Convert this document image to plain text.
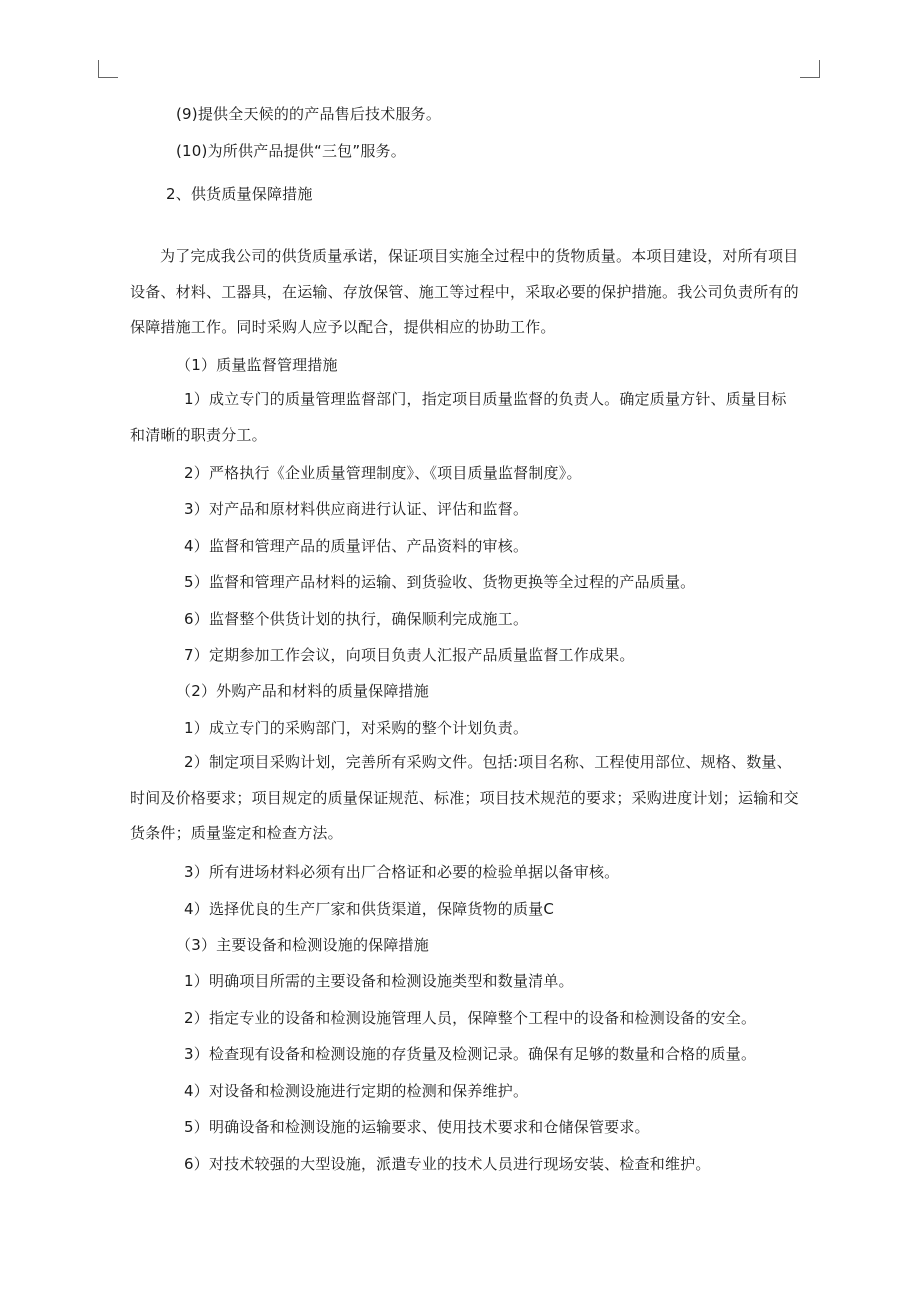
(9)提供全天候的的产品售后技术服务。
(10)为所供产品提供“三包”服务。
2、供货质量保障措施
为了完成我公司的供货质量承诺，保证项目实施全过程中的货物质量。本项目建设，对所有项目设备、材料、工器具，在运输、存放保管、施工等过程中，采取必要的保护措施。我公司负责所有的保障措施工作。同时采购人应予以配合，提供相应的协助工作。
（1）质量监督管理措施
1）成立专门的质量管理监督部门，指定项目质量监督的负责人。确定质量方针、质量目标和清晰的职责分工。
2）严格执行《企业质量管理制度》、《项目质量监督制度》。
3）对产品和原材料供应商进行认证、评估和监督。
4）监督和管理产品的质量评估、产品资料的审核。
5）监督和管理产品材料的运输、到货验收、货物更换等全过程的产品质量。
6）监督整个供货计划的执行，确保顺利完成施工。
7）定期参加工作会议，向项目负责人汇报产品质量监督工作成果。
（2）外购产品和材料的质量保障措施
1）成立专门的采购部门，对采购的整个计划负责。
2）制定项目采购计划，完善所有采购文件。包括:项目名称、工程使用部位、规格、数量、时间及价格要求；项目规定的质量保证规范、标准；项目技术规范的要求；采购进度计划；运输和交货条件；质量鉴定和检查方法。
3）所有进场材料必须有出厂合格证和必要的检验单据以备审核。
4）选择优良的生产厂家和供货渠道，保障货物的质量C
（3）主要设备和检测设施的保障措施
1）明确项目所需的主要设备和检测设施类型和数量清单。
2）指定专业的设备和检测设施管理人员，保障整个工程中的设备和检测设备的安全。
3）检查现有设备和检测设施的存货量及检测记录。确保有足够的数量和合格的质量。
4）对设备和检测设施进行定期的检测和保养维护。
5）明确设备和检测设施的运输要求、使用技术要求和仓储保管要求。
6）对技术较强的大型设施，派遣专业的技术人员进行现场安装、检查和维护。
